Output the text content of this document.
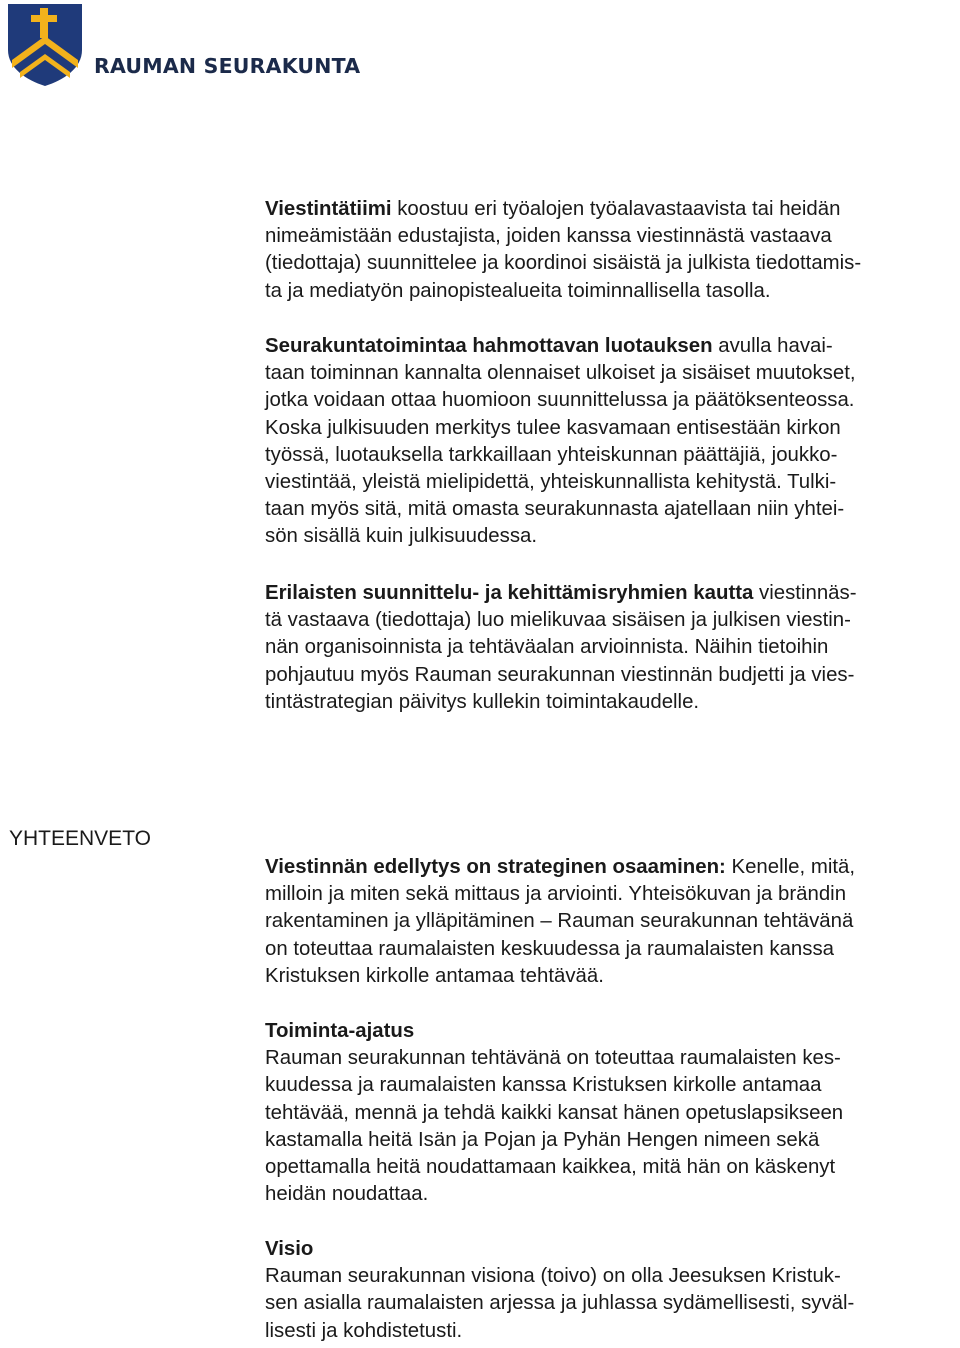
RAUMAN SEURAKUNTA

Viestintätiimi koostuu eri työalojen työalavastaavista tai heidän
nimeämistään edustajista, joiden kanssa viestinnästä vastaava
(tiedottaja) suunnittelee ja koordinoi sisäistä ja julkista tiedottamis-
ta ja mediatyön painopistealueita toiminnallisella tasolla.

Seurakuntatoimintaa hahmottavan luotauksen avulla havai-
taan toiminnan kannalta olennaiset ulkoiset ja sisäiset muutokset,
jotka voidaan ottaa huomioon suunnittelussa ja päätöksenteossa.
Koska julkisuuden merkitys tulee kasvamaan entisestään kirkon
työssä, luotauksella tarkkaillaan yhteiskunnan päättäjiä, joukko-
viestintää, yleistä mielipidettä, yhteiskunnallista kehitystä. Tulki-
taan myös sitä, mitä omasta seurakunnasta ajatellaan niin yhtei-
sön sisällä kuin julkisuudessa.

Erilaisten suunnittelu- ja kehittämisryhmien kautta viestinnäs-
tä vastaava (tiedottaja) luo mielikuvaa sisäisen ja julkisen viestin-
nän organisoinnista ja tehtäväalan arvioinnista. Näihin tietoihin
pohjautuu myös Rauman seurakunnan viestinnän budjetti ja vies-
tintästrategian päivitys kullekin toimintakaudelle.

YHTEENVETO

Viestinnän edellytys on strateginen osaaminen: Kenelle, mitä,
milloin ja miten sekä mittaus ja arviointi. Yhteisökuvan ja brändin
rakentaminen ja ylläpitäminen – Rauman seurakunnan tehtävänä
on toteuttaa raumalaisten keskuudessa ja raumalaisten kanssa
Kristuksen kirkolle antamaa tehtävää.

Toiminta-ajatus
Rauman seurakunnan tehtävänä on toteuttaa raumalaisten kes-
kuudessa ja raumalaisten kanssa Kristuksen kirkolle antamaa
tehtävää, mennä ja tehdä kaikki kansat hänen opetuslapsikseen
kastamalla heitä Isän ja Pojan ja Pyhän Hengen nimeen sekä
opettamalla heitä noudattamaan kaikkea, mitä hän on käskenyt
heidän noudattaa.

Visio
Rauman seurakunnan visiona (toivo) on olla Jeesuksen Kristuk-
sen asialla raumalaisten arjessa ja juhlassa sydämellisesti, syväl-
lisesti ja kohdistetusti.
